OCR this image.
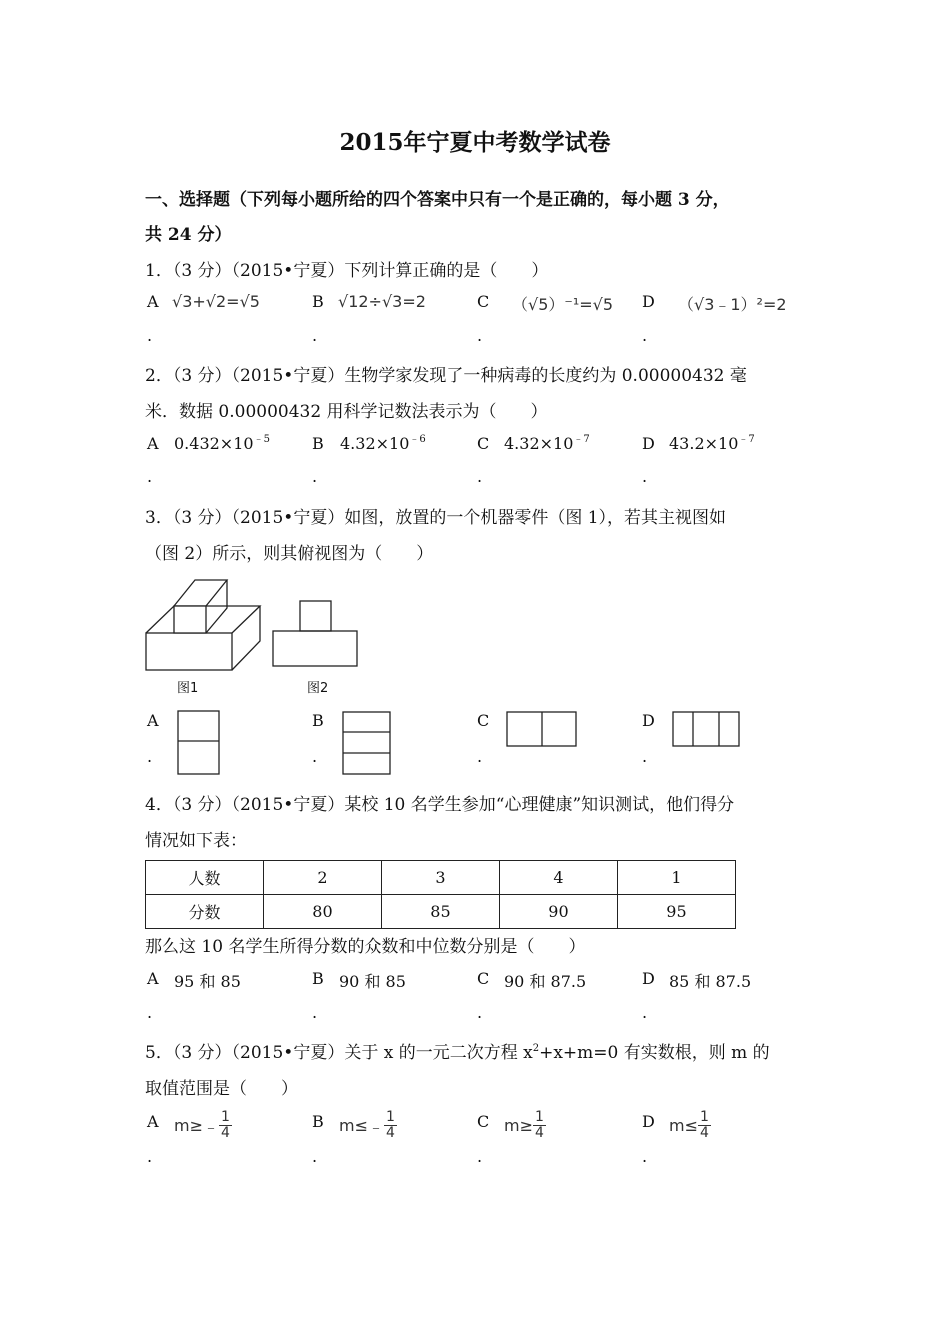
2015年宁夏中考数学试卷
一、选择题（下列每小题所给的四个答案中只有一个是正确的，每小题 3 分，
共 24 分）
1．（3 分）（2015•宁夏）下列计算正确的是（　　）
A √3+√2=√5	B √12÷√3=2	C （√5）⁻¹=√5 D （√3﹣1）²=2
.	.	.	.
2．（3 分）（2015•宁夏）生物学家发现了一种病毒的长度约为 0.00000432 毫
米．数据 0.00000432 用科学记数法表示为（　　）
A $0.432\times 10^{﹣5}$	B $4.32\times 10^{﹣6}$	C $4.32\times 10^{﹣7}$	D $43.2\times 10^{﹣7}$
.	.	.	.
3．（3 分）（2015•宁夏）如图，放置的一个机器零件（图 1），若其主视图如
（图 2）所示，则其俯视图为（　　）
图1	图2
A	B	C	D
.	.	.	.
4．（3 分）（2015•宁夏）某校 10 名学生参加“心理健康”知识测试，他们得分
情况如下表：
人数	2	3	4	1
分数	80	85	90	95
那么这 10 名学生所得分数的众数和中位数分别是（　　）
A 95 和 85	B 90 和 85	C 90 和 87.5	D 85 和 87.5
.	.	.	.
5．（3 分）（2015•宁夏）关于 x 的一元二次方程 $x^2+x+m=0$ 有实数根，则 m 的
取值范围是（　　）
A m≥﹣ $\frac{1}{4}$	B m≤﹣ $\frac{1}{4}$	C $m\ge \frac{1}{4}$	D $m\le \frac{1}{4}$
.	.	.	.
